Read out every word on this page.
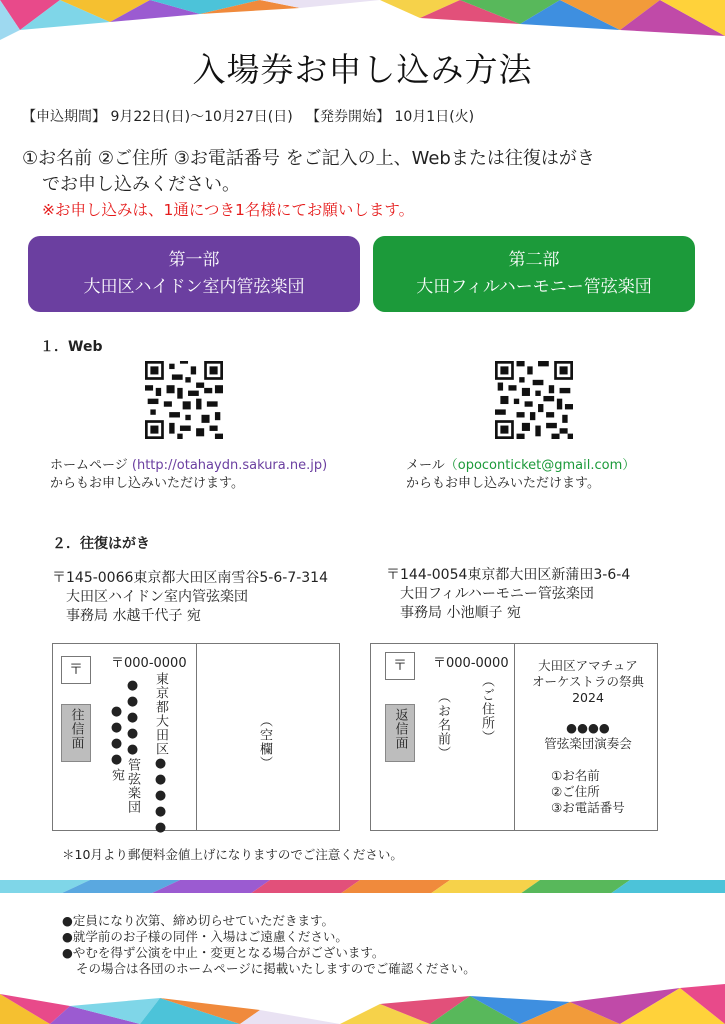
入場券お申し込み方法
【申込期間】 9月22日(日)～10月27日(日) 【発券開始】 10月1日(火)
①お名前 ②ご住所 ③お電話番号 をご記入の上、Webまたは往復はがき
でお申し込みください。
※お申し込みは、1通につき1名様にてお願いします。
第一部
大田区ハイドン室内管弦楽団
第二部
大田フィルハーモニー管弦楽団
１．Web
ホームページ (http://otahaydn.sakura.ne.jp)
からもお申し込みいただけます。
メール（opoconticket@gmail.com）
からもお申し込みいただけます。
２．往復はがき
〒145-0066東京都大田区南雪谷5-6-7-314
大田区ハイドン室内管弦楽団
事務局 水越千代子 宛
〒144-0054東京都大田区新蒲田3-6-4
大田フィルハーモニー管弦楽団
事務局 小池順子 宛
〒	〒000-0000
往信面	東京都大田区●●●●●
●●●●●管弦楽団
●●●●宛	（空欄）
〒	〒000-0000
返信面	（ご住所）
（お名前）
大田区アマチュア
オーケストラの祭典
2024
●●●●
管弦楽団演奏会
①お名前
②ご住所
③お電話番号
＊10月より郵便料金値上げになりますのでご注意ください。
●定員になり次第、締め切らせていただきます。
●就学前のお子様の同伴・入場はご遠慮ください。
●やむを得ず公演を中止・変更となる場合がございます。
その場合は各団のホームページに掲載いたしますのでご確認ください。
